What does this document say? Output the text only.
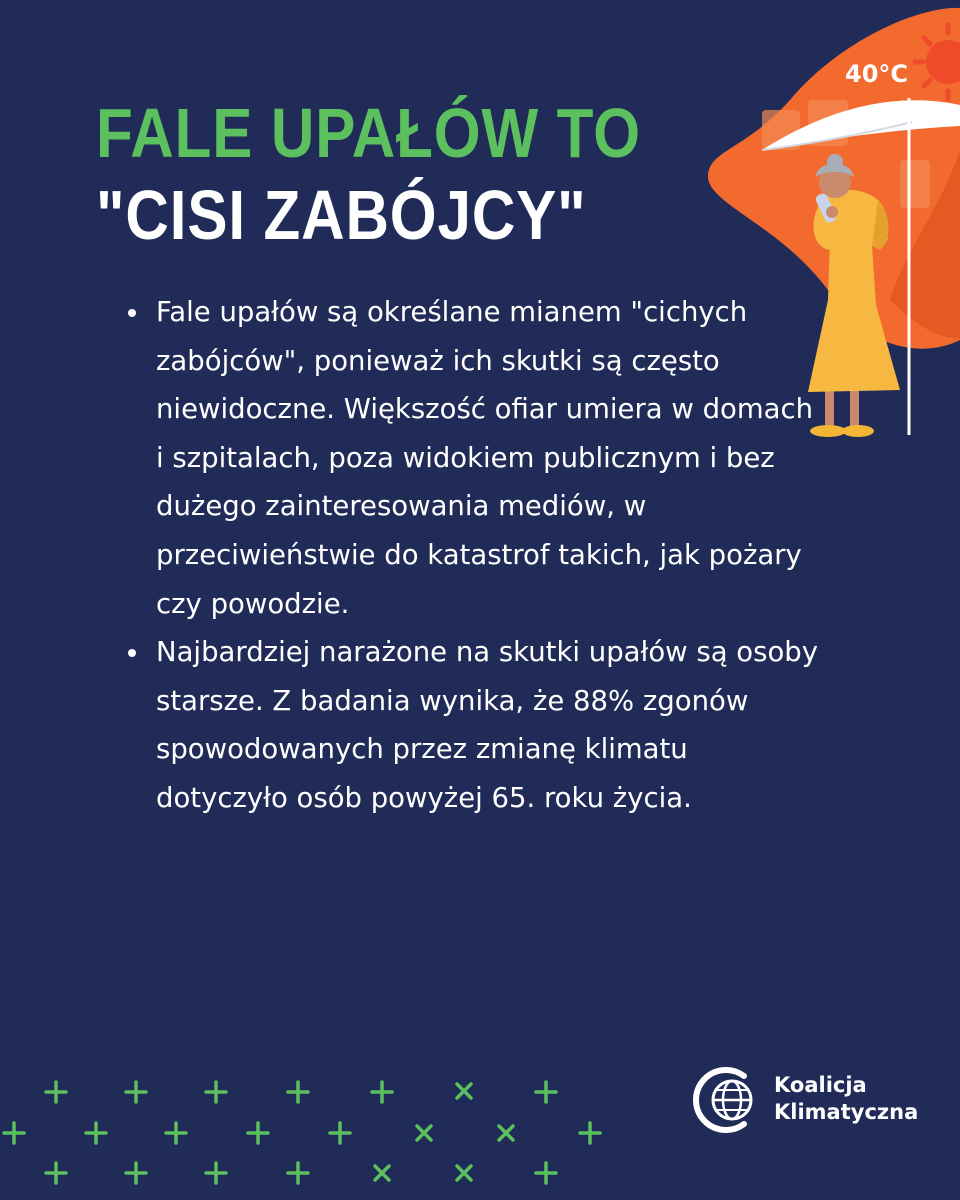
FALE UPAŁÓW TO
"CISI ZABÓJCY"
Fale upałów są określane mianem "cichych zabójców", ponieważ ich skutki są często niewidoczne. Większość ofiar umiera w domach i szpitalach, poza widokiem publicznym i bez dużego zainteresowania mediów, w przeciwieństwie do katastrof takich, jak pożary czy powodzie.
Najbardziej narażone na skutki upałów są osoby starsze. Z badania wynika, że 88% zgonów spowodowanych przez zmianę klimatu dotyczyło osób powyżej 65. roku życia.
40°C
Koalicja
Klimatyczna
